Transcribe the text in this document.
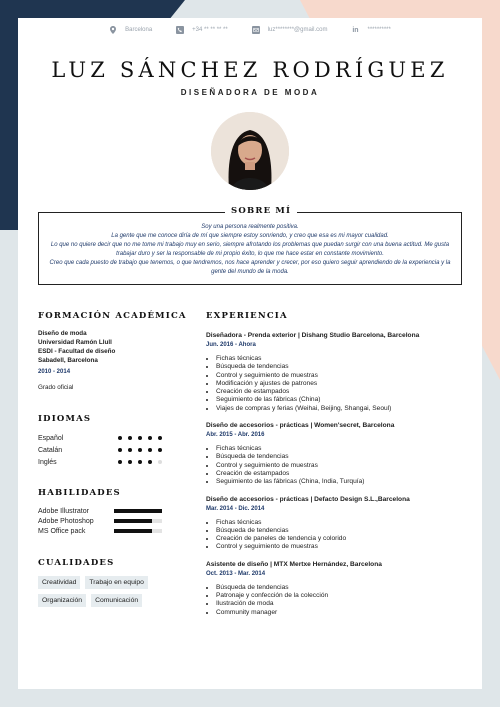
Barcelona	+34 ** ** ** **	luz********@gmail.com	in **********
LUZ SÁNCHEZ RODRÍGUEZ
DISEÑADORA DE MODA
SOBRE MÍ

Soy una persona realmente positiva.

La gente que me conoce diría de mí que siempre estoy sonriendo, y creo que esa es mi mayor cualidad.

Lo que no quiere decir que no me tome mi trabajo muy en serio, siempre afrotando los problemas que puedan surgir con una buena actitud. Me gusta trabajar duro y ser la responsable de mi propio éxito, lo que me hace estar en constante movimiento.

Creo que cada puesto de trabajo que tenemos, o que tendremos, nos hace aprender y crecer, por eso quiero seguir aprendiendo de la experiencia y la gente del mundo de la moda.

FORMACIÓN ACADÉMICA
Diseño de moda
Universidad Ramón Llull
ESDI - Facultad de diseño
Sabadell, Barcelona
2010 - 2014
Grado oficial
IDIOMAS
Español
Catalán
Inglés
HABILIDADES
Adobe Illustrator
Adobe Photoshop
MS Office pack
CUALIDADES
Creatividad	Trabajo en equipo
Organización	Comunicación
EXPERIENCIA
Diseñadora - Prenda exterior | Dishang Studio Barcelona, Barcelona
Jun. 2016 - Ahora
• Fichas técnicas
• Búsqueda de tendencias
• Control y seguimiento de muestras
• Modificación y ajustes de patrones
• Creación de estampados
• Seguimiento de las fábricas (China)
• Viajes de compras y ferias (Weihai, Beijing, Shangai, Seoul)
Diseño de accesorios - prácticas | Women'secret, Barcelona
Abr. 2015 - Abr. 2016
• Fichas técnicas
• Búsqueda de tendencias
• Control y seguimiento de muestras
• Creación de estampados
• Seguimiento de las fábricas (China, India, Turquía)
Diseño de accesorios - prácticas | Defacto Design S.L.,Barcelona
Mar. 2014 - Dic. 2014
• Fichas técnicas
• Búsqueda de tendencias
• Creación de paneles de tendencia y colorido
• Control y seguimiento de muestras
Asistente de diseño | MTX Mertxe Hernández, Barcelona
Oct. 2013 - Mar. 2014
• Búsqueda de tendencias
• Patronaje y confección de la colección
• Ilustración de moda
• Community manager
